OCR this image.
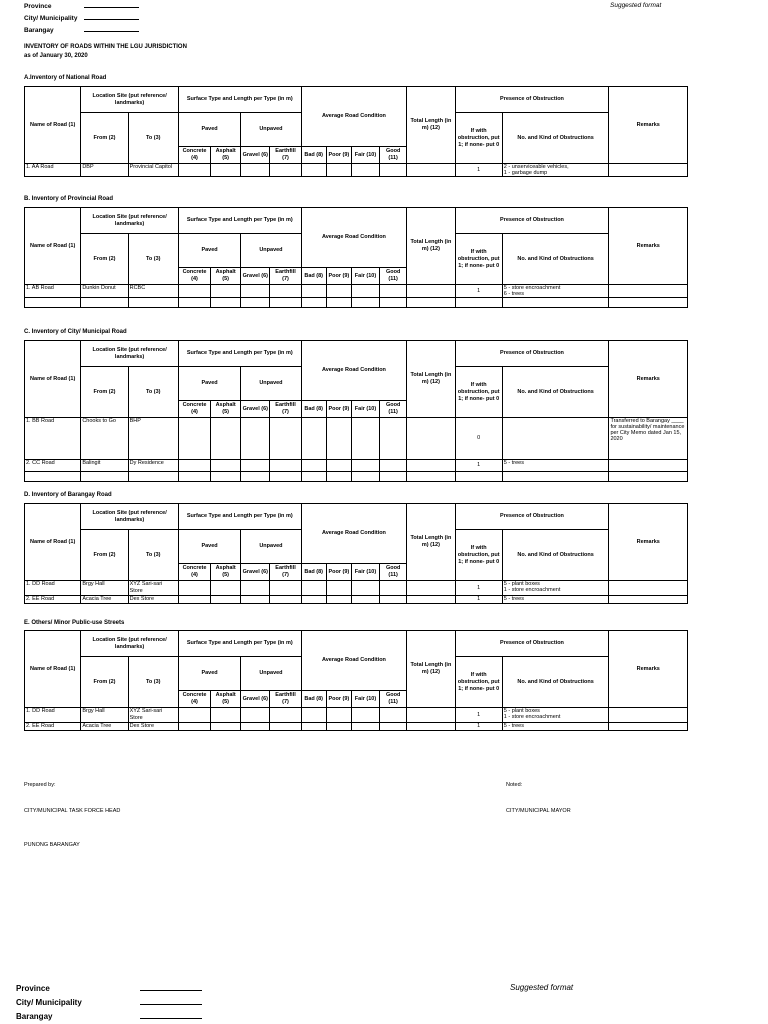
Province
City/ Municipality
Barangay
Suggested format
INVENTORY OF ROADS WITHIN THE LGU JURISDICTION
as of January 30, 2020
A.Inventory of National Road
Name of Road (1)	Location Site (put reference/ landmarks)		Surface Type and Length per Type (in m)				Average Road Condition				Total Length (in m) (12)	Presence of Obstruction		Remarks
	From (2)	To (3)	Paved		Unpaved							If with obstruction, put 1; if none- put 0	No. and Kind of Obstructions	
			Concrete (4)	Asphalt (5)	Gravel (6)	Earthfill (7)	Bad (8)	Poor (9)	Fair (10)	Good (11)				
1. AA Road	DBP	Provincial Capitol										1	2 - unserviceable vehicles,
1 - garbage dump	
B. Inventory of Provincial Road
Name of Road (1)	Location Site (put reference/ landmarks)		Surface Type and Length per Type (in m)				Average Road Condition				Total Length (in m) (12)	Presence of Obstruction		Remarks
	From (2)	To (3)	Paved		Unpaved							If with obstruction, put 1; if none- put 0	No. and Kind of Obstructions	
			Concrete (4)	Asphalt (5)	Gravel (6)	Earthfill (7)	Bad (8)	Poor (9)	Fair (10)	Good (11)				
1. AB Road	Dunkin Donut	RCBC										1	5 - store encroachment
6 - trees	

C. Inventory of City/ Municipal Road
Name of Road (1)	Location Site (put reference/ landmarks)		Surface Type and Length per Type (in m)				Average Road Condition				Total Length (in m) (12)	Presence of Obstruction		Remarks
	From (2)	To (3)	Paved		Unpaved							If with obstruction, put 1; if none- put 0	No. and Kind of Obstructions	
			Concrete (4)	Asphalt (5)	Gravel (6)	Earthfill (7)	Bad (8)	Poor (9)	Fair (10)	Good (11)				
1. BB Road	Chooks to Go	BHP										0		Transferred to Barangay ____ for sustainability/ maintenance per City Memo dated Jan 15, 2020
2. CC Road	Balingit	Dy Residence										1	5 - trees	

D. Inventory of Barangay Road
Name of Road (1)	Location Site (put reference/ landmarks)		Surface Type and Length per Type (in m)				Average Road Condition				Total Length (in m) (12)	Presence of Obstruction		Remarks
	From (2)	To (3)	Paved		Unpaved							If with obstruction, put 1; if none- put 0	No. and Kind of Obstructions	
			Concrete (4)	Asphalt (5)	Gravel (6)	Earthfill (7)	Bad (8)	Poor (9)	Fair (10)	Good (11)				
1. DD Road	Brgy Hall	XYZ Sari-sari Store										1	5 - plant boxes
1 - store encroachment	
2. EE Road	Acacia Tree	Dex Store										1	5 - trees	
E. Others/ Minor Public-use Streets
Name of Road (1)	Location Site (put reference/ landmarks)		Surface Type and Length per Type (in m)				Average Road Condition				Total Length (in m) (12)	Presence of Obstruction		Remarks
	From (2)	To (3)	Paved		Unpaved							If with obstruction, put 1; if none- put 0	No. and Kind of Obstructions	
			Concrete (4)	Asphalt (5)	Gravel (6)	Earthfill (7)	Bad (8)	Poor (9)	Fair (10)	Good (11)				
1. DD Road	Brgy Hall	XYZ Sari-sari Store										1	5 - plant boxes
1 - store encroachment	
2. EE Road	Acacia Tree	Dex Store										1	5 - trees	
Prepared by:	Noted:
CITY/MUNICIPAL TASK FORCE HEAD	CITY/MUNICIPAL MAYOR
PUNONG BARANGAY
Province
City/ Municipality
Barangay
Suggested format
